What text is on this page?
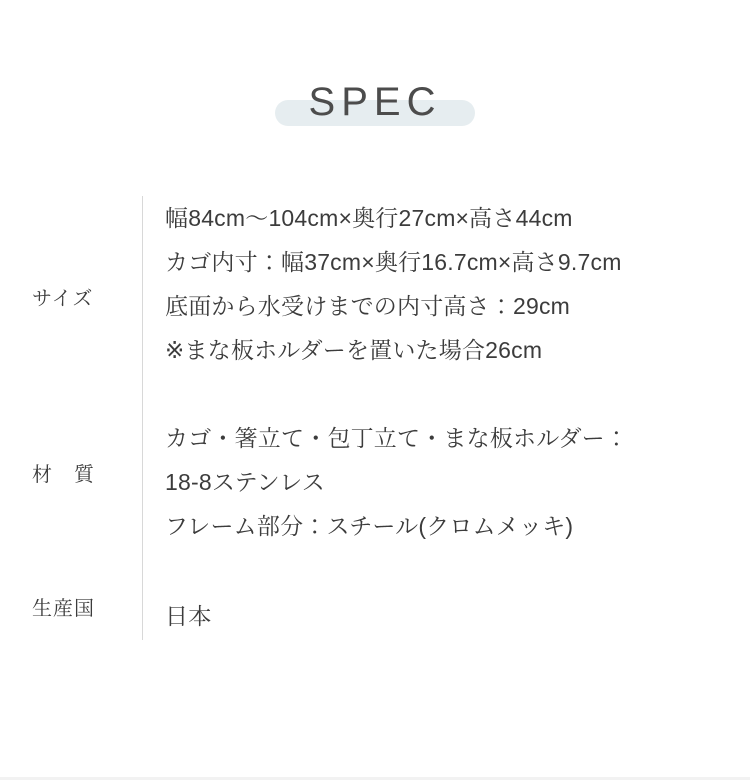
SPEC
サイズ

幅84cm〜104cm×奥行27cm×高さ44cm

カゴ内寸：幅37cm×奥行16.7cm×高さ9.7cm

底面から水受けまでの内寸高さ：29cm

※まな板ホルダーを置いた場合26cm

材　質

カゴ・箸立て・包丁立て・まな板ホルダー：

18-8ステンレス

フレーム部分：スチール(クロムメッキ)

生産国	日本
